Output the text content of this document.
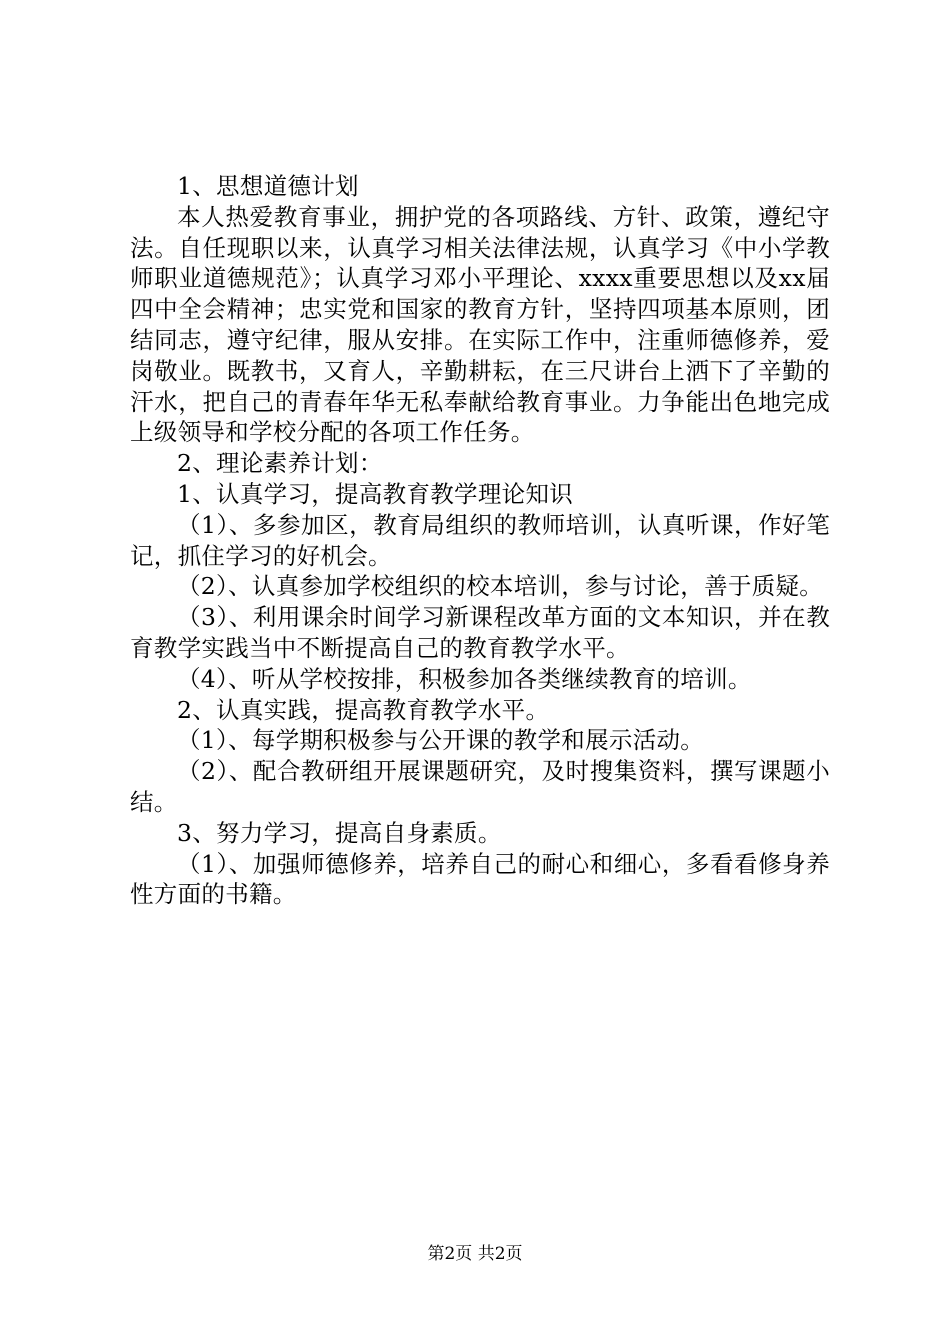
1、思想道德计划

本人热爱教育事业，拥护党的各项路线、方针、政策，遵纪守法。自任现职以来，认真学习相关法律法规，认真学习《中小学教师职业道德规范》；认真学习邓小平理论、xxxx重要思想以及xx届四中全会精神；忠实党和国家的教育方针，坚持四项基本原则，团结同志，遵守纪律，服从安排。在实际工作中，注重师德修养，爱岗敬业。既教书，又育人，辛勤耕耘，在三尺讲台上洒下了辛勤的汗水，把自己的青春年华无私奉献给教育事业。力争能出色地完成上级领导和学校分配的各项工作任务。

2、理论素养计划：

1、认真学习，提高教育教学理论知识

（1）、多参加区，教育局组织的教师培训，认真听课，作好笔记，抓住学习的好机会。

（2）、认真参加学校组织的校本培训，参与讨论，善于质疑。

（3）、利用课余时间学习新课程改革方面的文本知识，并在教育教学实践当中不断提高自己的教育教学水平。

（4）、听从学校按排，积极参加各类继续教育的培训。

2、认真实践，提高教育教学水平。

（1）、每学期积极参与公开课的教学和展示活动。

（2）、配合教研组开展课题研究，及时搜集资料，撰写课题小结。

3、努力学习，提高自身素质。

（1）、加强师德修养，培养自己的耐心和细心，多看看修身养性方面的书籍。

第2页 共2页
